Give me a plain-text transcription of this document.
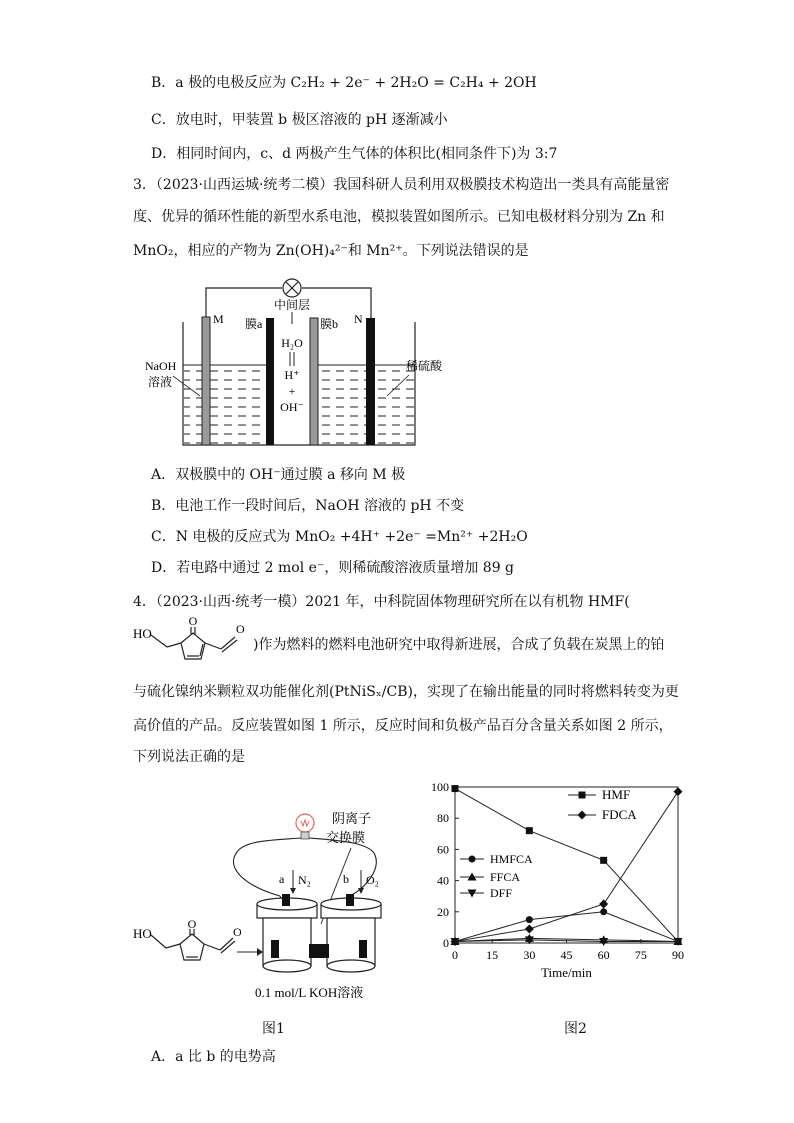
B．a 极的电极反应为 C₂H₂ + 2e⁻ + 2H₂O = C₂H₄ + 2OH
C．放电时，甲装置 b 极区溶液的 pH 逐渐减小
D．相同时间内，c、d 两极产生气体的体积比(相同条件下)为 3:7
3．（2023·山西运城·统考二模）我国科研人员利用双极膜技术构造出一类具有高能量密
度、优异的循环性能的新型水系电池，模拟装置如图所示。已知电极材料分别为 Zn 和
MnO₂，相应的产物为 Zn(OH)₄²⁻和 Mn²⁺。下列说法错误的是
中间层
M	N
膜a	膜b
H₂O
H⁺
+
OH⁻
NaOH
溶液
稀硫酸
A．双极膜中的 OH⁻通过膜 a 移向 M 极
B．电池工作一段时间后，NaOH 溶液的 pH 不变
C．N 电极的反应式为 MnO₂ +4H⁺ +2e⁻ =Mn²⁺ +2H₂O
D．若电路中通过 2 mol e⁻，则稀硫酸溶液质量增加 89 g
4．（2023·山西·统考一模）2021 年，中科院固体物理研究所在以有机物 HMF(
HO
O
O
)作为燃料的燃料电池研究中取得新进展，合成了负载在炭黑上的铂
与硫化镍纳米颗粒双功能催化剂(PtNiSₓ/CB)，实现了在输出能量的同时将燃料转变为更
高价值的产品。反应装置如图 1 所示，反应时间和负极产品百分含量关系如图 2 所示，
下列说法正确的是
阴离子
交换膜
a	b
N₂	O₂
HO
O
O
0.1 mol/L KOH溶液
图1
0 15 30 45 60 75 90
0
20
40
60
80
100
Time/min
HMF
FDCA
HMFCA
FFCA
DFF
图2
A．a 比 b 的电势高
